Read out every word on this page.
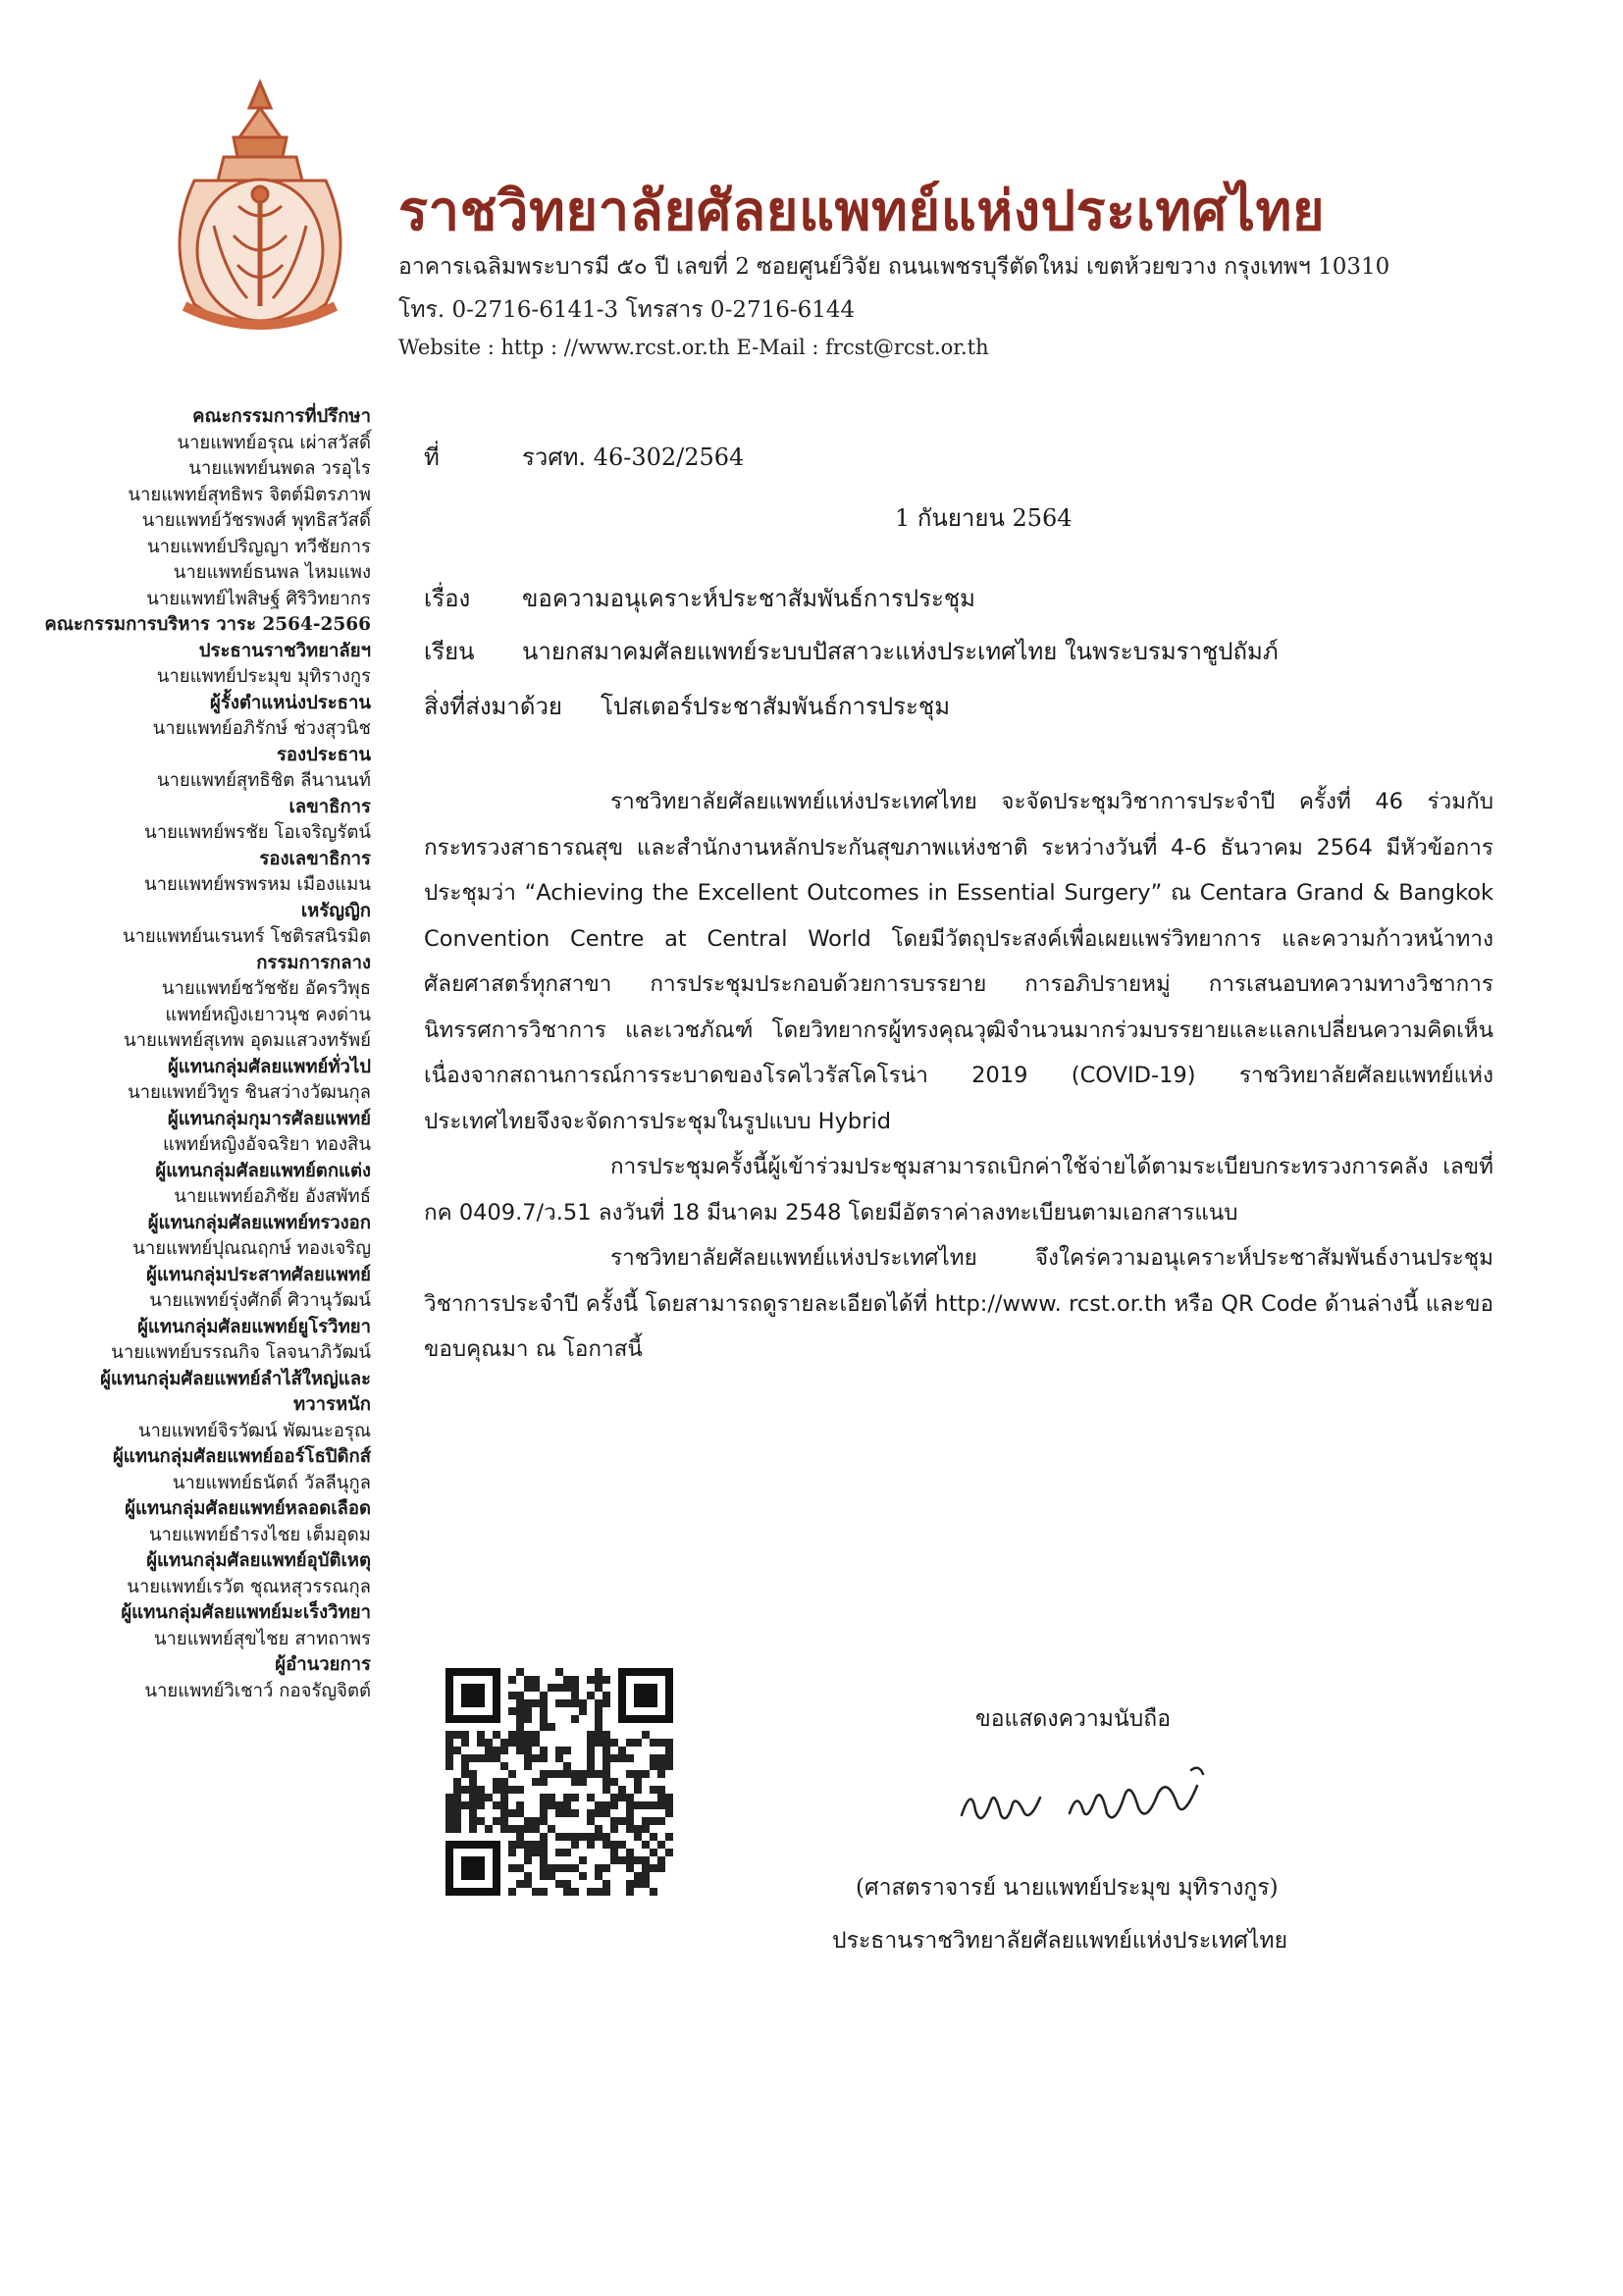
ราชวิทยาลัยศัลยแพทย์แห่งประเทศไทย
อาคารเฉลิมพระบารมี ๕๐ ปี เลขที่ 2 ซอยศูนย์วิจัย ถนนเพชรบุรีตัดใหม่ เขตห้วยขวาง กรุงเทพฯ 10310
โทร. 0-2716-6141-3 โทรสาร 0-2716-6144
Website : http : //www.rcst.or.th E-Mail : frcst@rcst.or.th
คณะกรรมการที่ปรึกษา
นายแพทย์อรุณ เผ่าสวัสดิ์
นายแพทย์นพดล วรอุไร
นายแพทย์สุทธิพร จิตต์มิตรภาพ
นายแพทย์วัชรพงศ์ พุทธิสวัสดิ์
นายแพทย์ปริญญา ทวีชัยการ
นายแพทย์ธนพล ไหมแพง
นายแพทย์ไพสิษฐ์ ศิริวิทยากร
คณะกรรมการบริหาร วาระ 2564-2566
ประธานราชวิทยาลัยฯ
นายแพทย์ประมุข มุทิรางกูร
ผู้รั้งตำแหน่งประธาน
นายแพทย์อภิรักษ์ ช่วงสุวนิช
รองประธาน
นายแพทย์สุทธิชิต ลีนานนท์
เลขาธิการ
นายแพทย์พรชัย โอเจริญรัตน์
รองเลขาธิการ
นายแพทย์พรพรหม เมืองแมน
เหรัญญิก
นายแพทย์นเรนทร์ โชติรสนิรมิต
กรรมการกลาง
นายแพทย์ชวัชชัย อัครวิพุธ
แพทย์หญิงเยาวนุช คงด่าน
นายแพทย์สุเทพ อุดมแสวงทรัพย์
ผู้แทนกลุ่มศัลยแพทย์ทั่วไป
นายแพทย์วิทูร ชินสว่างวัฒนกุล
ผู้แทนกลุ่มกุมารศัลยแพทย์
แพทย์หญิงอัจฉริยา ทองสิน
ผู้แทนกลุ่มศัลยแพทย์ตกแต่ง
นายแพทย์อภิชัย อังสพัทธ์
ผู้แทนกลุ่มศัลยแพทย์ทรวงอก
นายแพทย์ปุณณฤกษ์ ทองเจริญ
ผู้แทนกลุ่มประสาทศัลยแพทย์
นายแพทย์รุ่งศักดิ์ ศิวานุวัฒน์
ผู้แทนกลุ่มศัลยแพทย์ยูโรวิทยา
นายแพทย์บรรณกิจ โลจนาภิวัฒน์
ผู้แทนกลุ่มศัลยแพทย์ลำไส้ใหญ่และ
ทวารหนัก
นายแพทย์จิรวัฒน์ พัฒนะอรุณ
ผู้แทนกลุ่มศัลยแพทย์ออร์โธปิดิกส์
นายแพทย์ธนัตถ์ วัลลีนุกูล
ผู้แทนกลุ่มศัลยแพทย์หลอดเลือด
นายแพทย์ธำรงไชย เต็มอุดม
ผู้แทนกลุ่มศัลยแพทย์อุบัติเหตุ
นายแพทย์เรวัต ชุณหสุวรรณกุล
ผู้แทนกลุ่มศัลยแพทย์มะเร็งวิทยา
นายแพทย์สุขไชย สาทถาพร
ผู้อำนวยการ
นายแพทย์วิเชาว์ กอจรัญจิตต์
ที่	รวศท. 46-302/2564
1 กันยายน 2564
เรื่อง ขอความอนุเคราะห์ประชาสัมพันธ์การประชุม
เรียน นายกสมาคมศัลยแพทย์ระบบปัสสาวะแห่งประเทศไทย ในพระบรมราชูปถัมภ์
สิ่งที่ส่งมาด้วย โปสเตอร์ประชาสัมพันธ์การประชุม

ราชวิทยาลัยศัลยแพทย์แห่งประเทศไทย จะจัดประชุมวิชาการประจำปี ครั้งที่ 46 ร่วมกับ กระทรวงสาธารณสุข และสำนักงานหลักประกันสุขภาพแห่งชาติ ระหว่างวันที่ 4-6 ธันวาคม 2564 มีหัวข้อการประชุมว่า “Achieving the Excellent Outcomes in Essential Surgery” ณ Centara Grand & Bangkok Convention Centre at Central World โดยมีวัตถุประสงค์เพื่อเผยแพร่วิทยาการ และความก้าวหน้าทางศัลยศาสตร์ทุกสาขา การประชุมประกอบด้วยการบรรยาย การอภิปรายหมู่ การเสนอบทความทางวิชาการ นิทรรศการวิชาการ และเวชภัณฑ์ โดยวิทยากรผู้ทรงคุณวุฒิจำนวนมากร่วมบรรยายและแลกเปลี่ยนความคิดเห็น เนื่องจากสถานการณ์การระบาดของโรคไวรัสโคโรน่า 2019 (COVID-19) ราชวิทยาลัยศัลยแพทย์แห่งประเทศไทยจึงจะจัดการประชุมในรูปแบบ Hybrid

การประชุมครั้งนี้ผู้เข้าร่วมประชุมสามารถเบิกค่าใช้จ่ายได้ตามระเบียบกระทรวงการคลัง เลขที่ กค 0409.7/ว.51 ลงวันที่ 18 มีนาคม 2548 โดยมีอัตราค่าลงทะเบียนตามเอกสารแนบ

ราชวิทยาลัยศัลยแพทย์แห่งประเทศไทย จึงใคร่ความอนุเคราะห์ประชาสัมพันธ์งานประชุมวิชาการประจำปี ครั้งนี้ โดยสามารถดูรายละเอียดได้ที่ http://www. rcst.or.th หรือ QR Code ด้านล่างนี้ และขอขอบคุณมา ณ โอกาสนี้

ขอแสดงความนับถือ
(ศาสตราจารย์ นายแพทย์ประมุข มุทิรางกูร)
ประธานราชวิทยาลัยศัลยแพทย์แห่งประเทศไทย
